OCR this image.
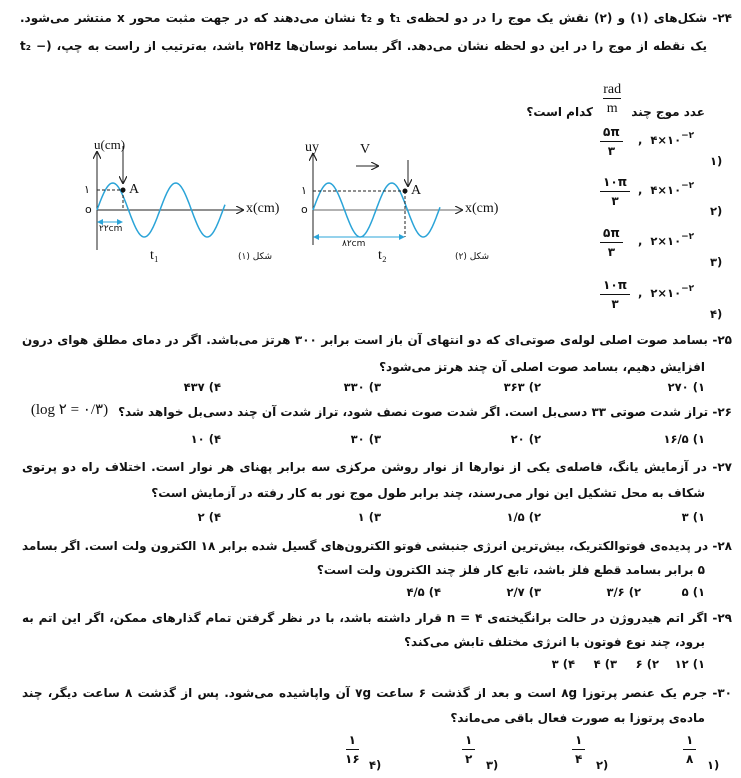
۲۴- شکل‌های (۱) و (۲) نقش یک موج را در دو لحظه‌ی t₁ و t₂ نشان می‌دهند که در جهت مثبت محور x منتشر می‌شود.
یک نقطه از موج را در این دو لحظه نشان می‌دهد. اگر بسامد نوسان‌ها ۲۵Hz باشد، به‌ترتیب از راست به چپ، (t₂ −
عدد موج چند
rad
m
کدام است؟
۵π
۳
,  $۴\times ۱۰^{-۲}$
(۱
۱۰π
۳
,  $۴\times ۱۰^{-۲}$
(۲
۵π
۳
,  $۲\times ۱۰^{-۲}$
(۳
۱۰π
۳
,  $۲\times ۱۰^{-۲}$
(۴
u(cm)
۱
o
A
x(cm)
۲۲cm
t₁	شکل (۱)
uy	V
۱
o
A
x(cm)
۸۲cm
t₂	شکل (۲)
۲۵- بسامد صوت اصلی لوله‌ی صوتی‌ای که دو انتهای آن باز است برابر ۳۰۰ هرتز می‌باشد. اگر در دمای مطلق هوای درون
افزایش دهیم، بسامد صوت اصلی آن چند هرتز می‌شود؟
۱) ۲۷۰
۲) ۳۶۳
۳) ۳۳۰
۴) ۴۳۷
۲۶- تراز شدت صوتی ۳۳ دسی‌بل است. اگر شدت صوت نصف شود، تراز شدت آن چند دسی‌بل خواهد شد؟
(log ۲ = ۰/۳)
۱) ۱۶/۵
۲) ۲۰
۳) ۳۰
۴) ۱۰
۲۷- در آزمایش یانگ، فاصله‌ی یکی از نوارها از نوار روشن مرکزی سه برابر پهنای هر نوار است. اختلاف راه دو پرتوی
شکاف به محل تشکیل این نوار می‌رسند، چند برابر طول موج نور به کار رفته در آزمایش است؟
۱) ۳
۲) ۱/۵
۳) ۱
۴) ۲
۲۸- در پدیده‌ی فوتوالکتریک، بیش‌ترین انرژی جنبشی فوتو الکترون‌های گسیل شده برابر ۱۸ الکترون ولت است. اگر بسامد
۵ برابر بسامد قطع فلز باشد، تابع کار فلز چند الکترون ولت است؟
۱) ۵
۲) ۳/۶
۳) ۲/۷
۴) ۴/۵
۲۹- اگر اتم هیدروژن در حالت برانگیخته‌ی n = ۴ قرار داشته باشد، با در نظر گرفتن تمام گذارهای ممکن، اگر این اتم به
برود، چند نوع فوتون با انرژی مختلف تابش می‌کند؟
۱) ۱۲
۲) ۶
۳) ۴
۴) ۳
۳۰- جرم یک عنصر پرتوزا ۸g است و بعد از گذشت ۶ ساعت ۷g آن واپاشیده می‌شود. پس از گذشت ۸ ساعت دیگر، چند
ماده‌ی پرتوزا به صورت فعال باقی می‌ماند؟
۱
۸ (۱
۱
۴ (۲
۱
۲ (۳
۱
۱۶ (۴
